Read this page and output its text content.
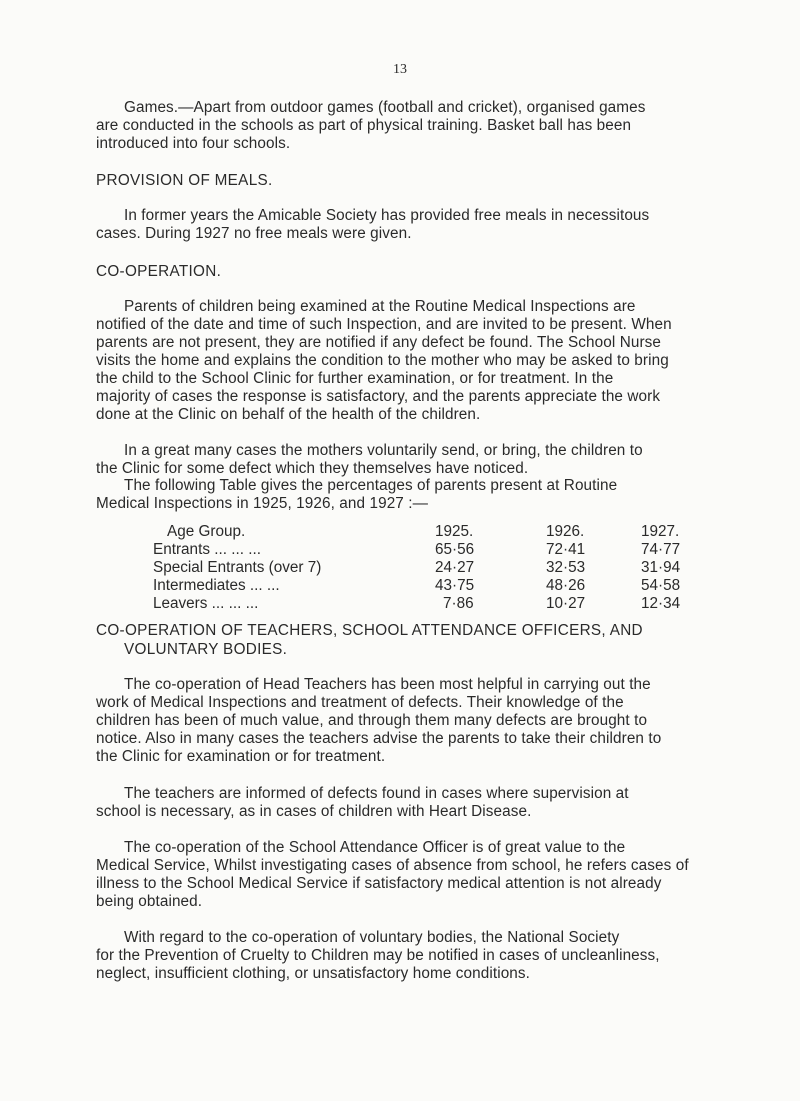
13
Games.—Apart from outdoor games (football and cricket), organised games
are conducted in the schools as part of physical training. Basket ball has been
introduced into four schools.
PROVISION OF MEALS.
In former years the Amicable Society has provided free meals in necessitous
cases. During 1927 no free meals were given.
CO-OPERATION.
Parents of children being examined at the Routine Medical Inspections are
notified of the date and time of such Inspection, and are invited to be present. When
parents are not present, they are notified if any defect be found. The School Nurse
visits the home and explains the condition to the mother who may be asked to bring
the child to the School Clinic for further examination, or for treatment. In the
majority of cases the response is satisfactory, and the parents appreciate the work
done at the Clinic on behalf of the health of the children.
In a great many cases the mothers voluntarily send, or bring, the children to
the Clinic for some defect which they themselves have noticed.
The following Table gives the percentages of parents present at Routine
Medical Inspections in 1925, 1926, and 1927 :—
Age Group.	1925.	1926.	1927.
Entrants ... ... ...	65·56	72·41	74·77
Special Entrants (over 7)	24·27	32·53	31·94
Intermediates ... ...	43·75	48·26	54·58
Leavers ... ... ...	7·86	10·27	12·34
CO-OPERATION OF TEACHERS, SCHOOL ATTENDANCE OFFICERS, AND
VOLUNTARY BODIES.
The co-operation of Head Teachers has been most helpful in carrying out the
work of Medical Inspections and treatment of defects. Their knowledge of the
children has been of much value, and through them many defects are brought to
notice. Also in many cases the teachers advise the parents to take their children to
the Clinic for examination or for treatment.
The teachers are informed of defects found in cases where supervision at
school is necessary, as in cases of children with Heart Disease.
The co-operation of the School Attendance Officer is of great value to the
Medical Service, Whilst investigating cases of absence from school, he refers cases of
illness to the School Medical Service if satisfactory medical attention is not already
being obtained.
With regard to the co-operation of voluntary bodies, the National Society
for the Prevention of Cruelty to Children may be notified in cases of uncleanliness,
neglect, insufficient clothing, or unsatisfactory home conditions.
